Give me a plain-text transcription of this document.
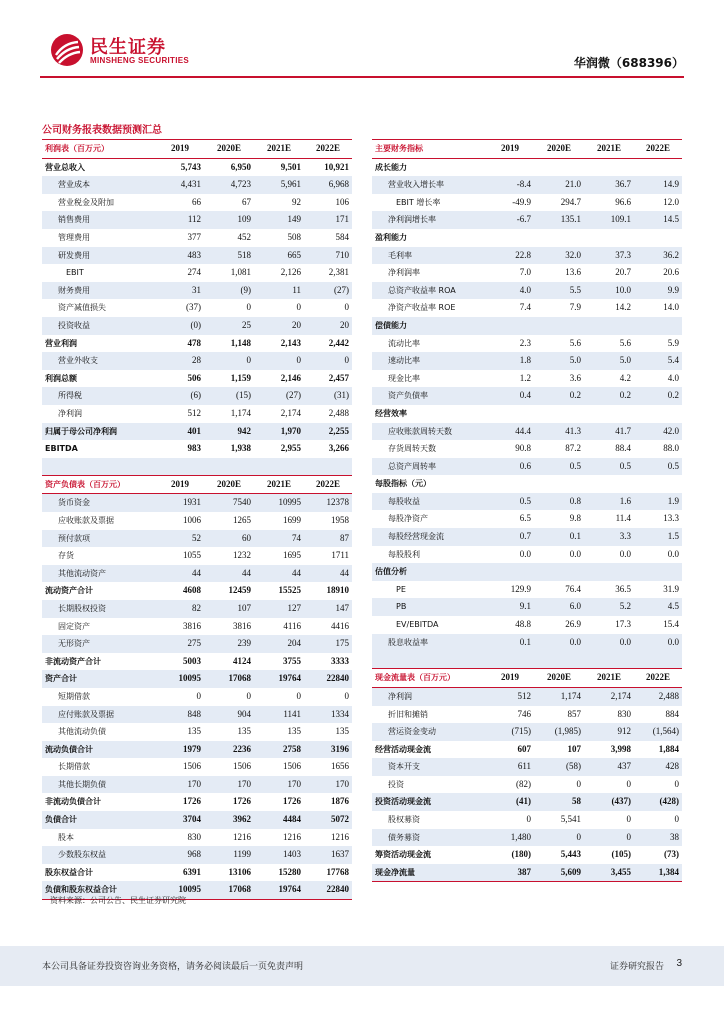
民生证券
MINSHENG SECURITIES	华润微（688396）
公司财务报表数据预测汇总
利润表（百万元）	2019	2020E	2021E	2022E
营业总收入	5,743	6,950	9,501	10,921
营业成本	4,431	4,723	5,961	6,968
营业税金及附加	66	67	92	106
销售费用	112	109	149	171
管理费用	377	452	508	584
研发费用	483	518	665	710
EBIT	274	1,081	2,126	2,381
财务费用	31	(9)	11	(27)
资产减值损失	(37)	0	0	0
投资收益	(0)	25	20	20
营业利润	478	1,148	2,143	2,442
营业外收支	28	0	0	0
利润总额	506	1,159	2,146	2,457
所得税	(6)	(15)	(27)	(31)
净利润	512	1,174	2,174	2,488
归属于母公司净利润	401	942	1,970	2,255
EBITDA	983	1,938	2,955	3,266

资产负债表（百万元）	2019	2020E	2021E	2022E
货币资金	1931	7540	10995	12378
应收账款及票据	1006	1265	1699	1958
预付款项	52	60	74	87
存货	1055	1232	1695	1711
其他流动资产	44	44	44	44
流动资产合计	4608	12459	15525	18910
长期股权投资	82	107	127	147
固定资产	3816	3816	4116	4416
无形资产	275	239	204	175
非流动资产合计	5003	4124	3755	3333
资产合计	10095	17068	19764	22840
短期借款	0	0	0	0
应付账款及票据	848	904	1141	1334
其他流动负债	135	135	135	135
流动负债合计	1979	2236	2758	3196
长期借款	1506	1506	1506	1656
其他长期负债	170	170	170	170
非流动负债合计	1726	1726	1726	1876
负债合计	3704	3962	4484	5072
股本	830	1216	1216	1216
少数股东权益	968	1199	1403	1637
股东权益合计	6391	13106	15280	17768
负债和股东权益合计	10095	17068	19764	22840
主要财务指标	2019	2020E	2021E	2022E
成长能力				
营业收入增长率	-8.4	21.0	36.7	14.9
EBIT 增长率	-49.9	294.7	96.6	12.0
净利润增长率	-6.7	135.1	109.1	14.5
盈利能力				
毛利率	22.8	32.0	37.3	36.2
净利润率	7.0	13.6	20.7	20.6
总资产收益率 ROA	4.0	5.5	10.0	9.9
净资产收益率 ROE	7.4	7.9	14.2	14.0
偿债能力				
流动比率	2.3	5.6	5.6	5.9
速动比率	1.8	5.0	5.0	5.4
现金比率	1.2	3.6	4.2	4.0
资产负债率	0.4	0.2	0.2	0.2
经营效率				
应收账款周转天数	44.4	41.3	41.7	42.0
存货周转天数	90.8	87.2	88.4	88.0
总资产周转率	0.6	0.5	0.5	0.5
每股指标（元）				
每股收益	0.5	0.8	1.6	1.9
每股净资产	6.5	9.8	11.4	13.3
每股经营现金流	0.7	0.1	3.3	1.5
每股股利	0.0	0.0	0.0	0.0
估值分析				
PE	129.9	76.4	36.5	31.9
PB	9.1	6.0	5.2	4.5
EV/EBITDA	48.8	26.9	17.3	15.4
股息收益率	0.1	0.0	0.0	0.0

现金流量表（百万元）	2019	2020E	2021E	2022E
净利润	512	1,174	2,174	2,488
折旧和摊销	746	857	830	884
营运资金变动	(715)	(1,985)	912	(1,564)
经营活动现金流	607	107	3,998	1,884
资本开支	611	(58)	437	428
投资	(82)	0	0	0
投资活动现金流	(41)	58	(437)	(428)
股权募资	0	5,541	0	0
债务募资	1,480	0	0	38
筹资活动现金流	(180)	5,443	(105)	(73)
现金净流量	387	5,609	3,455	1,384
资料来源：公司公告、民生证券研究院
本公司具备证券投资咨询业务资格，请务必阅读最后一页免责声明	证券研究报告 3
